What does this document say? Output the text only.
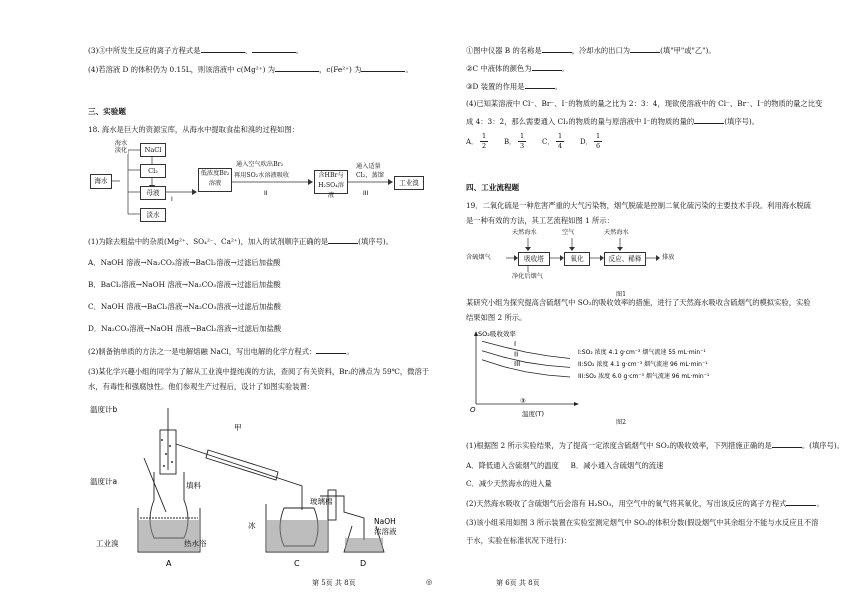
(3)③中所发生反应的离子方程式是	、	。
(4)若溶液 D 的体积仍为 0.15L，则该溶液中 c(Mg²⁺) 为	，c(Fe²⁺) 为	。
三、实验题
18. 海水是巨大的资源宝库，从海水中提取食盐和溴的过程如图：
I
II	III
海水
海水淡化	NaCl
Cl₂
母液
淡水
低浓度Br₂溶液
通入空气吹出Br₂
再用SO₂水溶液吸收	含HBr与H₂SO₄溶液
通入适量
Cl₂，蒸馏
工业溴
(1)为除去粗盐中的杂质(Mg²⁺、SO₄²⁻、Ca²⁺)，加入的试剂顺序正确的是	(填序号)。
A．NaOH 溶液→Na₂CO₃溶液→BaCl₂溶液→过滤后加盐酸
B．BaCl₂溶液→NaOH 溶液→Na₂CO₃溶液→过滤后加盐酸
C．NaOH 溶液→BaCl₂溶液→Na₂CO₃溶液→过滤后加盐酸
D．Na₂CO₃溶液→NaOH 溶液→BaCl₂溶液→过滤后加盐酸
(2)制备钠单质的方法之一是电解熔融 NaCl，写出电解的化学方程式：	。
(3)某化学兴趣小组的同学为了解从工业溴中提纯溴的方法，查阅了有关资料，Br₂的沸点为 59℃，微溶于
水，有毒性和强腐蚀性。他们参观生产过程后，设计了如图实验装置：
温度计b
甲
温度计a	填料
工业溴	热水浴
冰
玻璃棉
NaOH
浓溶液
A	C	D
①图中仪器 B 的名称是	，冷却水的出口为	(填"甲"或"乙")。
②C 中液体的颜色为	。
③D 装置的作用是	。
(4)已知某溶液中 Cl⁻、Br⁻、I⁻的物质的量之比为 2：3：4，现欲使溶液中的 Cl⁻、Br⁻、I⁻的物质的量之比变
成 4：3：2，那么需要通入 Cl₂的物质的量与原溶液中 I⁻的物质的量的	(填序号)。
A．
1
2	B．
1
3	C．
1
4	D．
1
6
四、工业流程题
19．二氧化硫是一种危害严重的大气污染物，烟气脱硫是控制二氧化硫污染的主要技术手段。利用海水脱硫
是一种有效的方法，其工艺流程如图 1 所示：
天然海水	空气	天然海水
含硫烟气	吸收塔	氧化	反应、稀释	排放
净化后烟气
图1
某研究小组为探究提高含硫烟气中 SO₂的吸收效率的措施，进行了天然海水吸收含硫烟气的模拟实验，实验
结果如图 2 所示。
O
SO₂吸收效率
温度(T)
③
I
II
III
I:SO₂ 浓度 4.1 g·cm⁻³ 烟气流速 55 mL·min⁻¹
II:SO₂ 浓度 4.1 g·cm⁻³ 烟气流速 96 mL·min⁻¹
III:SO₂ 浓度 6.0 g·cm⁻³ 烟气流速 96 mL·min⁻¹
图2
(1)根据图 2 所示实验结果，为了提高一定浓度含硫烟气中 SO₂的吸收效率，下列措施正确的是	。(填序号)。
A．降低通入含硫烟气的温度 B．减小通入含硫烟气的流速
C．减少天然海水的进入量
(2)天然海水吸收了含硫烟气后会溶有 H₂SO₃，用空气中的氧气将其氧化，写出该反应的离子方程式	。
(3)该小组采用如图 3 所示装置在实验室测定烟气中 SO₂的体积分数(假设烟气中其余组分不能与水反应且不溶
于水，实验在标准状况下进行)：
第 5页 共 8页	◎	第 6页 共 8页
